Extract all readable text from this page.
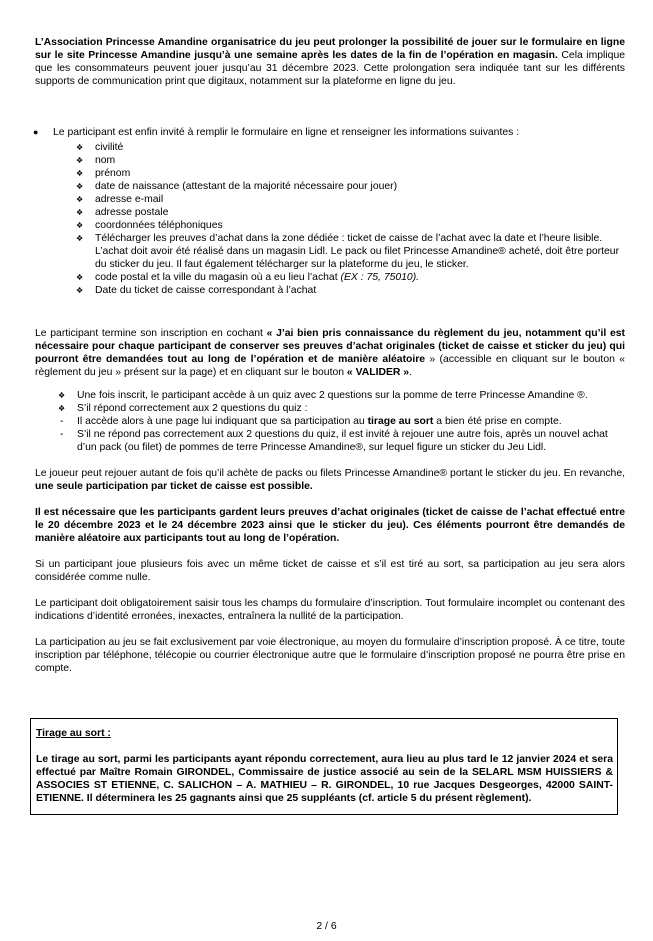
L’Association Princesse Amandine organisatrice du jeu peut prolonger la possibilité de jouer sur le formulaire en ligne sur le site Princesse Amandine jusqu’à une semaine après les dates de la fin de l’opération en magasin. Cela implique que les consommateurs peuvent jouer jusqu’au 31 décembre 2023. Cette prolongation sera indiquée tant sur les différents supports de communication print que digitaux, notamment sur la plateforme en ligne du jeu.

● Le participant est enfin invité à remplir le formulaire en ligne et renseigner les informations suivantes :
❖ civilité
❖ nom
❖ prénom
❖ date de naissance (attestant de la majorité nécessaire pour jouer)
❖ adresse e-mail
❖ adresse postale
❖ coordonnées téléphoniques
❖ Télécharger les preuves d’achat dans la zone dédiée : ticket de caisse de l’achat avec la date et l’heure lisible. L’achat doit avoir été réalisé dans un magasin Lidl. Le pack ou filet Princesse Amandine® acheté, doit être porteur du sticker du jeu. Il faut également télécharger sur la plateforme du jeu, le sticker.
❖ code postal et la ville du magasin où a eu lieu l’achat (EX : 75, 75010).
❖ Date du ticket de caisse correspondant à l’achat

Le participant termine son inscription en cochant « J’ai bien pris connaissance du règlement du jeu, notamment qu’il est nécessaire pour chaque participant de conserver ses preuves d’achat originales (ticket de caisse et sticker du jeu) qui pourront être demandées tout au long de l’opération et de manière aléatoire » (accessible en cliquant sur le bouton « règlement du jeu » présent sur la page) et en cliquant sur le bouton « VALIDER ».

❖ Une fois inscrit, le participant accède à un quiz avec 2 questions sur la pomme de terre Princesse Amandine ®.
❖ S’il répond correctement aux 2 questions du quiz :
- Il accède alors à une page lui indiquant que sa participation au tirage au sort a bien été prise en compte.
- S’il ne répond pas correctement aux 2 questions du quiz, il est invité à rejouer une autre fois, après un nouvel achat d’un pack (ou filet) de pommes de terre Princesse Amandine®, sur lequel figure un sticker du Jeu Lidl.

Le joueur peut rejouer autant de fois qu’il achète de packs ou filets Princesse Amandine® portant le sticker du jeu. En revanche, une seule participation par ticket de caisse est possible.

Il est nécessaire que les participants gardent leurs preuves d’achat originales (ticket de caisse de l’achat effectué entre le 20 décembre 2023 et le 24 décembre 2023 ainsi que le sticker du jeu). Ces éléments pourront être demandés de manière aléatoire aux participants tout au long de l’opération.

Si un participant joue plusieurs fois avec un même ticket de caisse et s’il est tiré au sort, sa participation au jeu sera alors considérée comme nulle.

Le participant doit obligatoirement saisir tous les champs du formulaire d’inscription. Tout formulaire incomplet ou contenant des indications d’identité erronées, inexactes, entraînera la nullité de la participation.

La participation au jeu se fait exclusivement par voie électronique, au moyen du formulaire d’inscription proposé. À ce titre, toute inscription par téléphone, télécopie ou courrier électronique autre que le formulaire d’inscription proposé ne pourra être prise en compte.

Tirage au sort :

Le tirage au sort, parmi les participants ayant répondu correctement, aura lieu au plus tard le 12 janvier 2024 et sera effectué par Maître Romain GIRONDEL, Commissaire de justice associé au sein de la SELARL MSM HUISSIERS & ASSOCIES ST ETIENNE, C. SALICHON – A. MATHIEU – R. GIRONDEL, 10 rue Jacques Desgeorges, 42000 SAINT-ETIENNE. Il déterminera les 25 gagnants ainsi que 25 suppléants (cf. article 5 du présent règlement).

2 / 6
